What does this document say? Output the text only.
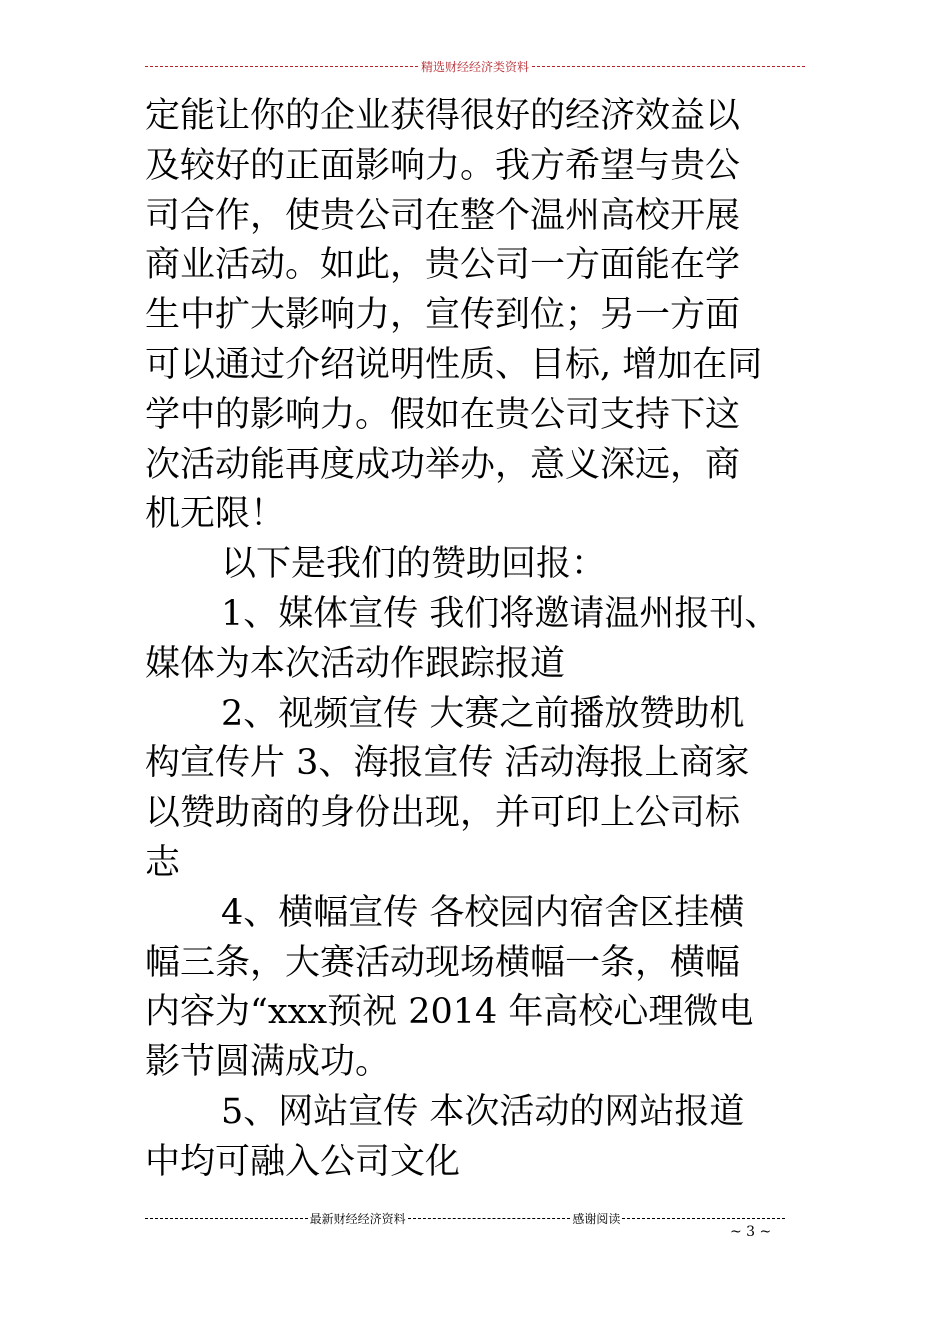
精选财经经济类资料

定能让你的企业获得很好的经济效益以

及较好的正面影响力。我方希望与贵公

司合作，使贵公司在整个温州高校开展

商业活动。如此，贵公司一方面能在学

生中扩大影响力，宣传到位；另一方面

可以通过介绍说明性质、目标, 增加在同

学中的影响力。假如在贵公司支持下这

次活动能再度成功举办，意义深远，商

机无限！

以下是我们的赞助回报：

1、媒体宣传 我们将邀请温州报刊、

媒体为本次活动作跟踪报道

2、视频宣传 大赛之前播放赞助机

构宣传片 3、海报宣传 活动海报上商家

以赞助商的身份出现，并可印上公司标

志

4、横幅宣传 各校园内宿舍区挂横

幅三条，大赛活动现场横幅一条，横幅

内容为“xxx预祝 2014 年高校心理微电

影节圆满成功。

5、网站宣传 本次活动的网站报道

中均可融入公司文化

最新财经经济资料	感谢阅读
~ 3 ~
